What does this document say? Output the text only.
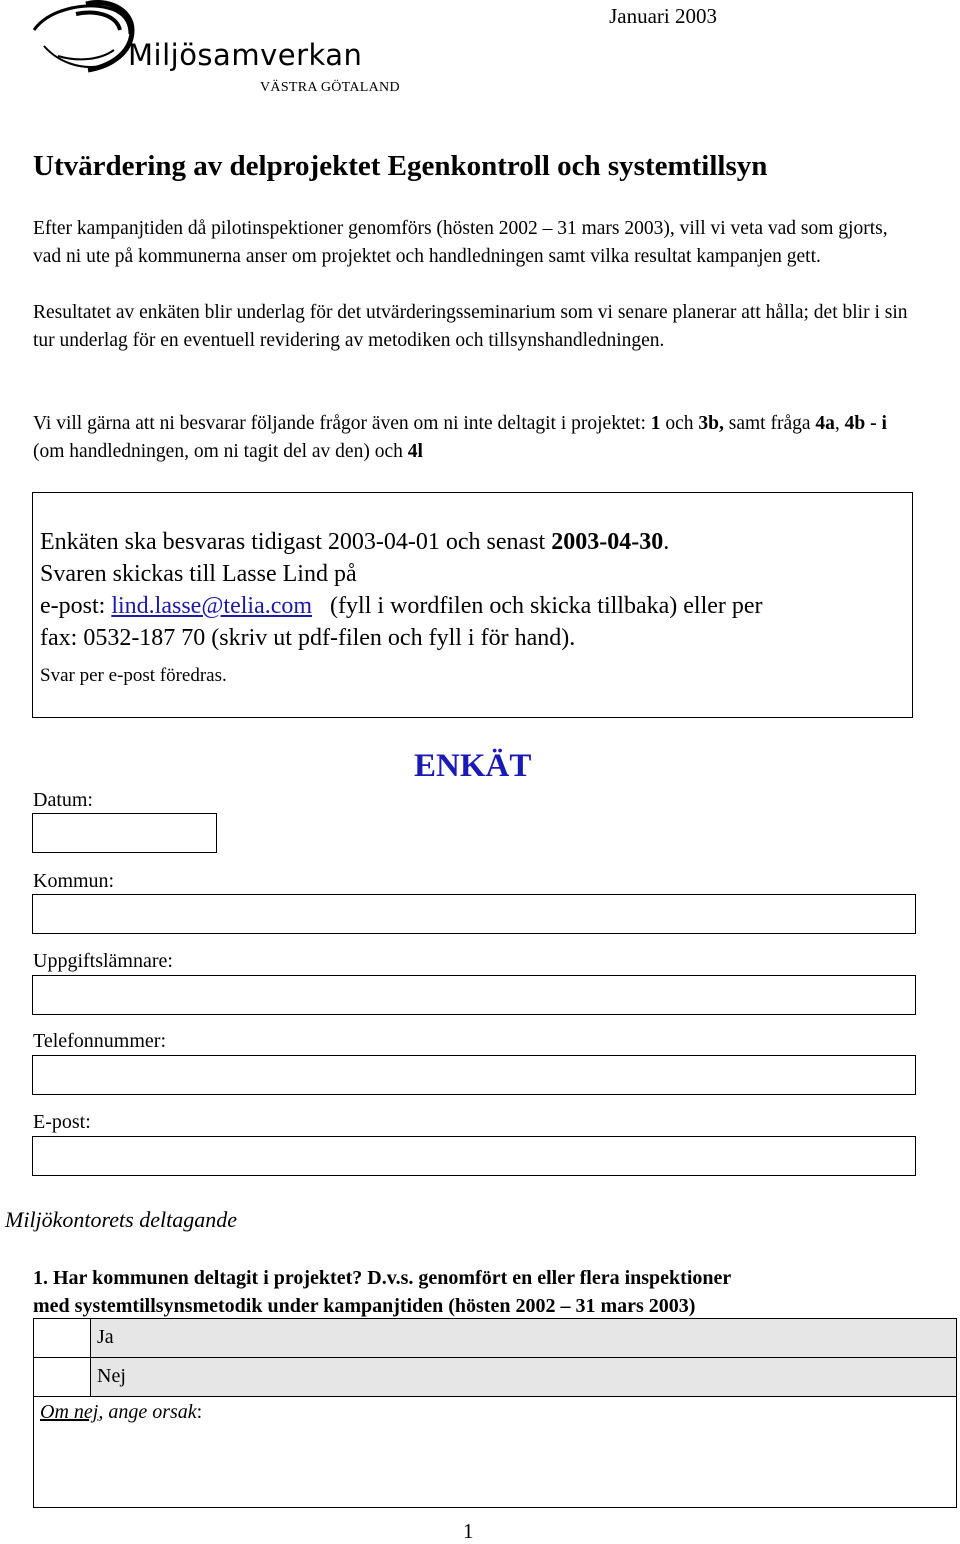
Miljösamverkan
VÄSTRA GÖTALAND
Januari 2003
Utvärdering av delprojektet Egenkontroll och systemtillsyn
Efter kampanjtiden då pilotinspektioner genomförs (hösten 2002 – 31 mars 2003), vill vi veta vad som gjorts, vad ni ute på kommunerna anser om projektet och handledningen samt vilka resultat kampanjen gett.
Resultatet av enkäten blir underlag för det utvärderingsseminarium som vi senare planerar att hålla; det blir i sin tur underlag för en eventuell revidering av metodiken och tillsynshandledningen.
Vi vill gärna att ni besvarar följande frågor även om ni inte deltagit i projektet: 1 och 3b, samt fråga 4a, 4b - i (om handledningen, om ni tagit del av den) och 4l
Enkäten ska besvaras tidigast 2003-04-01 och senast 2003-04-30.
Svaren skickas till Lasse Lind på
e-post: lind.lasse@telia.com   (fyll i wordfilen och skicka tillbaka) eller per
fax: 0532-187 70 (skriv ut pdf-filen och fyll i för hand).
Svar per e-post föredras.
ENKÄT
Datum:
Kommun:
Uppgiftslämnare:
Telefonnummer:
E-post:
Miljökontorets deltagande
1. Har kommunen deltagit i projektet? D.v.s. genomfört en eller flera inspektioner
med systemtillsynsmetodik under kampanjtiden (hösten 2002 – 31 mars 2003)
Ja
Nej
Om nej, ange orsak:
1
